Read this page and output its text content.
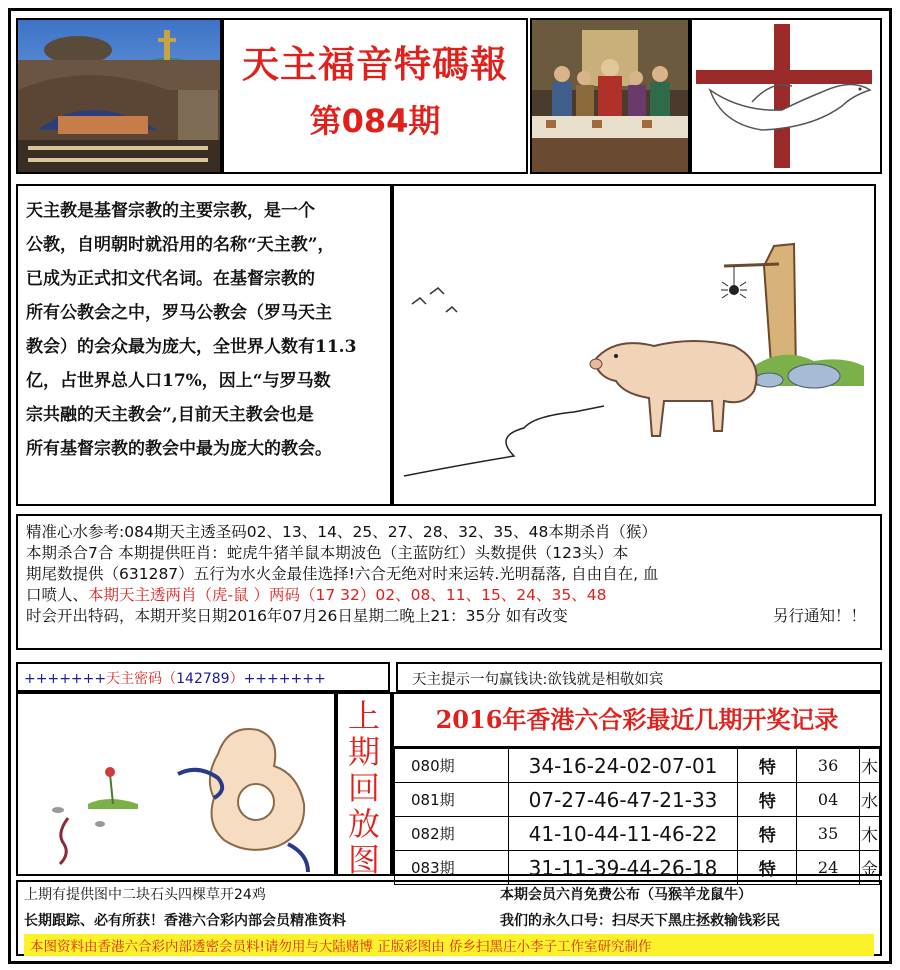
天主福音特碼報
第084期

天主教是基督宗教的主要宗教，是一个

公教，自明朝时就沿用的名称“天主教”，

已成为正式扣文代名词。在基督宗教的

所有公教会之中，罗马公教会（罗马天主

教会）的会众最为庞大，全世界人数有11.3

亿，占世界总人口17%，因上“与罗马数

宗共融的天主教会”,目前天主教会也是

所有基督宗教的教会中最为庞大的教会。

精准心水参考:084期天主透圣码02、13、14、25、27、28、32、35、48本期杀肖（猴）
本期杀合7合 本期提供旺肖：蛇虎牛猪羊鼠本期波色（主蓝防红）头数提供（123头）本
期尾数提供（631287）五行为水火金最佳选择!六合无绝对时来运转.光明磊落, 自由自在, 血
口喷人、本期天主透两肖（虎-鼠 ）两码（17 32）02、08、11、15、24、35、48
时会开出特码，本期开奖日期2016年07月26日星期二晚上21：35分 如有改变	另行通知！！
+++++++天主密码（142789）+++++++	天主提示一句赢钱诀:欲钱就是相敬如宾
上
期
回
放
图
2016年香港六合彩最近几期开奖记录
080期	34-16-24-02-07-01	特	36	木
081期	07-27-46-47-21-33	特	04	水
082期	41-10-44-11-46-22	特	35	木
083期	31-11-39-44-26-18	特	24	金
上期有提供图中二块石头四棵草开24鸡	本期会员六肖免费公布（马猴羊龙鼠牛）
长期跟踪、必有所获！香港六合彩内部会员精准资料	我们的永久口号：扫尽天下黑庄拯救输钱彩民
本图资料由香港六合彩内部透密会员料!请勿用与大陆赌博 正版彩图由 侨乡扫黑庄小李子工作室研究制作
